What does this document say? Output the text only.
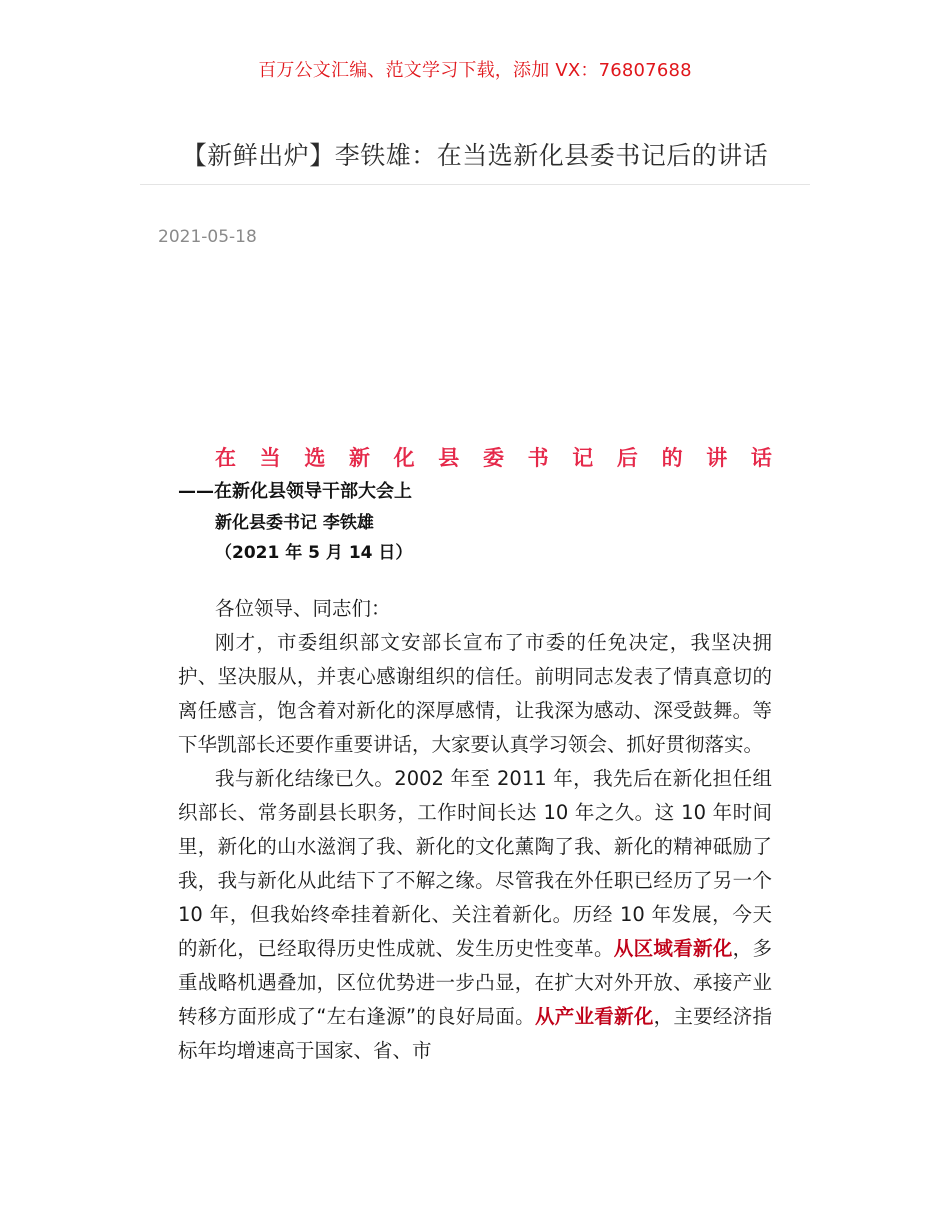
百万公文汇编、范文学习下载，添加 VX：76807688
【新鲜出炉】李铁雄：在当选新化县委书记后的讲话
2021-05-18
在 当 选 新 化 县 委 书 记 后 的 讲 话
——在新化县领导干部大会上
新化县委书记 李铁雄
（2021 年 5 月 14 日）

各位领导、同志们：

刚才，市委组织部文安部长宣布了市委的任免决定，我坚决拥护、坚决服从，并衷心感谢组织的信任。前明同志发表了情真意切的离任感言，饱含着对新化的深厚感情，让我深为感动、深受鼓舞。等下华凯部长还要作重要讲话，大家要认真学习领会、抓好贯彻落实。

我与新化结缘已久。2002 年至 2011 年，我先后在新化担任组织部长、常务副县长职务，工作时间长达 10 年之久。这 10 年时间里，新化的山水滋润了我、新化的文化薰陶了我、新化的精神砥励了我，我与新化从此结下了不解之缘。尽管我在外任职已经历了另一个 10 年，但我始终牵挂着新化、关注着新化。历经 10 年发展，今天的新化，已经取得历史性成就、发生历史性变革。从区域看新化，多重战略机遇叠加，区位优势进一步凸显，在扩大对外开放、承接产业转移方面形成了“左右逢源”的良好局面。从产业看新化，主要经济指标年均增速高于国家、省、市
